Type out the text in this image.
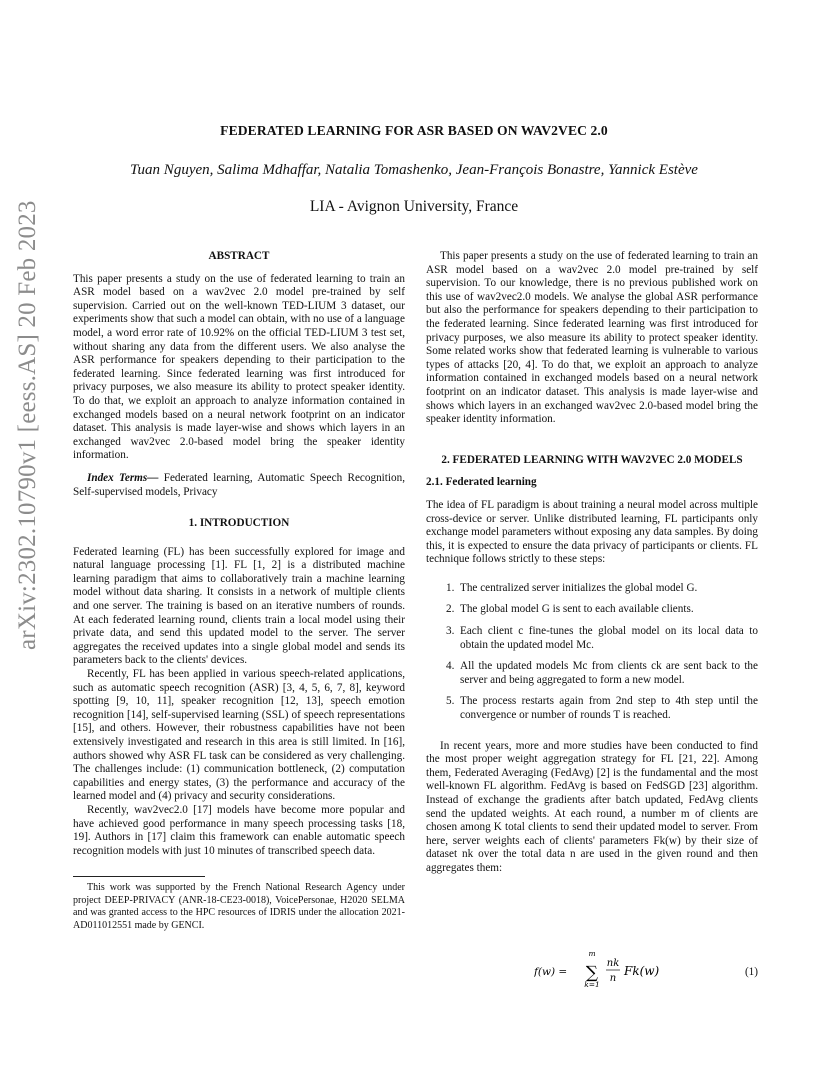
arXiv:2302.10790v1 [eess.AS] 20 Feb 2023
FEDERATED LEARNING FOR ASR BASED ON WAV2VEC 2.0
Tuan Nguyen, Salima Mdhaffar, Natalia Tomashenko, Jean-François Bonastre, Yannick Estève
LIA - Avignon University, France

ABSTRACT

This paper presents a study on the use of federated learning to train an ASR model based on a wav2vec 2.0 model pre-trained by self supervision. Carried out on the well-known TED-LIUM 3 dataset, our experiments show that such a model can obtain, with no use of a language model, a word error rate of 10.92% on the official TED-LIUM 3 test set, without sharing any data from the different users. We also analyse the ASR performance for speakers depending to their participation to the federated learning. Since federated learning was first introduced for privacy purposes, we also measure its ability to protect speaker identity. To do that, we exploit an approach to analyze information contained in exchanged models based on a neural network footprint on an indicator dataset. This analysis is made layer-wise and shows which layers in an exchanged wav2vec 2.0-based model bring the speaker identity information.

Index Terms— Federated learning, Automatic Speech Recognition, Self-supervised models, Privacy

1. INTRODUCTION

Federated learning (FL) has been successfully explored for image and natural language processing [1]. FL [1, 2] is a distributed machine learning paradigm that aims to collaboratively train a machine learning model without data sharing. It consists in a network of multiple clients and one server. The training is based on an iterative numbers of rounds. At each federated learning round, clients train a local model using their private data, and send this updated model to the server. The server aggregates the received updates into a single global model and sends its parameters back to the clients' devices.

Recently, FL has been applied in various speech-related applications, such as automatic speech recognition (ASR) [3, 4, 5, 6, 7, 8], keyword spotting [9, 10, 11], speaker recognition [12, 13], speech emotion recognition [14], self-supervised learning (SSL) of speech representations [15], and others. However, their robustness capabilities have not been extensively investigated and research in this area is still limited. In [16], authors showed why ASR FL task can be considered as very challenging. The challenges include: (1) communication bottleneck, (2) computation capabilities and energy states, (3) the performance and accuracy of the learned model and (4) privacy and security considerations.

Recently, wav2vec2.0 [17] models have become more popular and have achieved good performance in many speech processing tasks [18, 19]. Authors in [17] claim this framework can enable automatic speech recognition models with just 10 minutes of transcribed speech data.

This work was supported by the French National Research Agency under project DEEP-PRIVACY (ANR-18-CE23-0018), VoicePersonae, H2020 SELMA and was granted access to the HPC resources of IDRIS under the allocation 2021-AD011012551 made by GENCI.

This paper presents a study on the use of federated learning to train an ASR model based on a wav2vec 2.0 model pre-trained by self supervision. To our knowledge, there is no previous published work on this use of wav2vec2.0 models. We analyse the global ASR performance but also the performance for speakers depending to their participation to the federated learning. Since federated learning was first introduced for privacy purposes, we also measure its ability to protect speaker identity. Some related works show that federated learning is vulnerable to various types of attacks [20, 4]. To do that, we exploit an approach to analyze information contained in exchanged models based on a neural network footprint on an indicator dataset. This analysis is made layer-wise and shows which layers in an exchanged wav2vec 2.0-based model bring the speaker identity information.

2. FEDERATED LEARNING WITH WAV2VEC 2.0 MODELS

2.1. Federated learning

The idea of FL paradigm is about training a neural model across multiple cross-device or server. Unlike distributed learning, FL participants only exchange model parameters without exposing any data samples. By doing this, it is expected to ensure the data privacy of participants or clients. FL technique follows strictly to these steps:

1. The centralized server initializes the global model G.
2. The global model G is sent to each available clients.
3. Each client c fine-tunes the global model on its local data to obtain the updated model Mc.
4. All the updated models Mc from clients ck are sent back to the server and being aggregated to form a new model.
5. The process restarts again from 2nd step to 4th step until the convergence or number of rounds T is reached.

In recent years, more and more studies have been conducted to find the most proper weight aggregation strategy for FL [21, 22]. Among them, Federated Averaging (FedAvg) [2] is the fundamental and the most well-known FL algorithm. FedAvg is based on FedSGD [23] algorithm. Instead of exchange the gradients after batch updated, FedAvg clients send the updated weights. At each round, a number m of clients are chosen among K total clients to send their updated model to server. From here, server weights each of clients' parameters Fk(w) by their size of dataset nk over the total data n are used in the given round and then aggregates them:

f(w) =
m
∑
k=1
nk
n
Fk(w)	(1)
